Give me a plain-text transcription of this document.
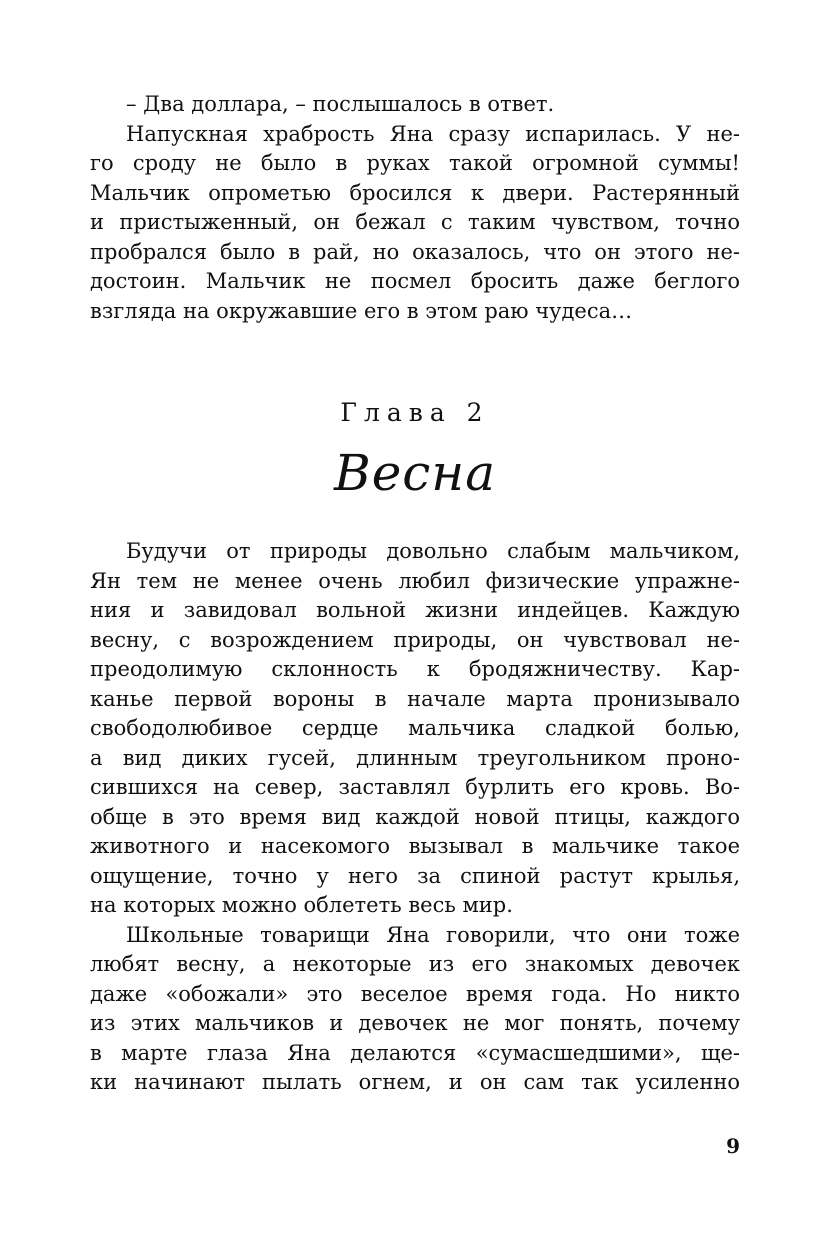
– Два доллара, – послышалось в ответ.
Напускная храбрость Яна сразу испарилась. У не-
го сроду не было в руках такой огромной суммы!
Мальчик опрометью бросился к двери. Растерянный
и пристыженный, он бежал с таким чувством, точно
пробрался было в рай, но оказалось, что он этого не-
достоин. Мальчик не посмел бросить даже беглого
взгляда на окружавшие его в этом раю чудеса…
Глава 2
Весна
Будучи от природы довольно слабым мальчиком,
Ян тем не менее очень любил физические упражне-
ния и завидовал вольной жизни индейцев. Каждую
весну, с возрождением природы, он чувствовал не-
преодолимую склонность к бродяжничеству. Кар-
канье первой вороны в начале марта пронизывало
свободолюбивое сердце мальчика сладкой болью,
а вид диких гусей, длинным треугольником проно-
сившихся на север, заставлял бурлить его кровь. Во-
обще в это время вид каждой новой птицы, каждого
животного и насекомого вызывал в мальчике такое
ощущение, точно у него за спиной растут крылья,
на которых можно облететь весь мир.
Школьные товарищи Яна говорили, что они тоже
любят весну, а некоторые из его знакомых девочек
даже «обожали» это веселое время года. Но никто
из этих мальчиков и девочек не мог понять, почему
в марте глаза Яна делаются «сумасшедшими», ще-
ки начинают пылать огнем, и он сам так усиленно
9
